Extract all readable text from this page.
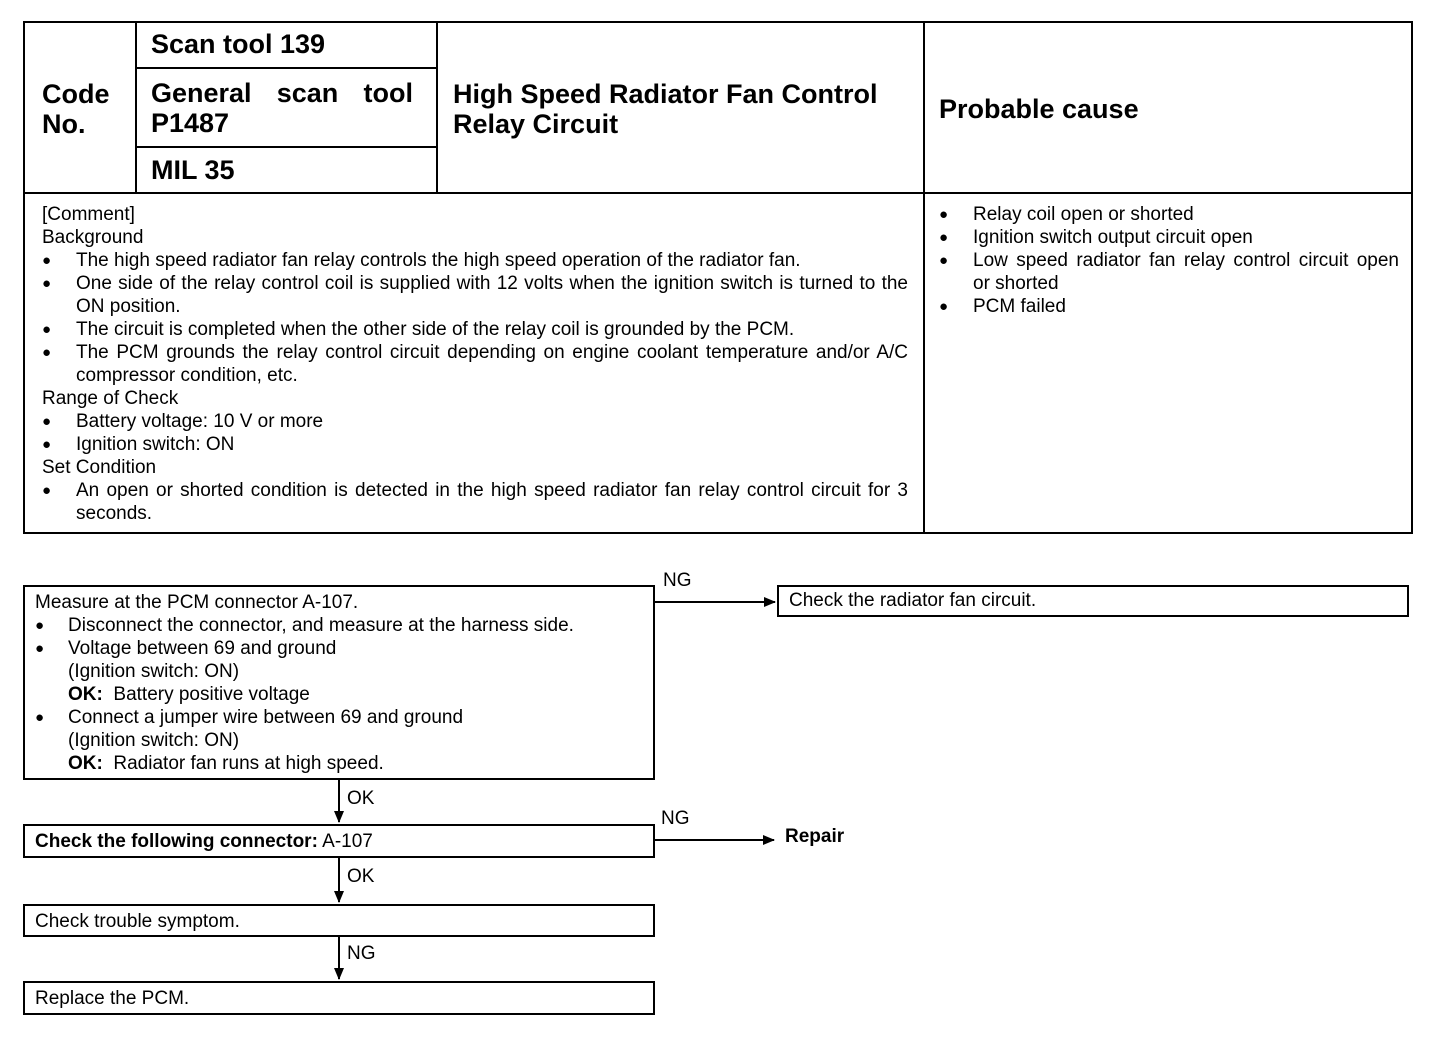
Code No.
Scan tool 139
General scan tool
P1487
MIL 35
High Speed Radiator Fan Control Relay Circuit	Probable cause
[Comment]
Background
● The high speed radiator fan relay controls the high speed operation of the radiator fan.
● One side of the relay control coil is supplied with 12 volts when the ignition switch is turned to the ON position.
● The circuit is completed when the other side of the relay coil is grounded by the PCM.
● The PCM grounds the relay control circuit depending on engine coolant temperature and/or A/C compressor condition, etc.
Range of Check
● Battery voltage: 10 V or more
● Ignition switch: ON
Set Condition
● An open or shorted condition is detected in the high speed radiator fan relay control circuit for 3 seconds.
● Relay coil open or shorted
● Ignition switch output circuit open
● Low speed radiator fan relay control circuit open or shorted
● PCM failed
Measure at the PCM connector A-107.
● Disconnect the connector, and measure at the harness side.
● Voltage between 69 and ground
(Ignition switch: ON)
OK: Battery positive voltage
● Connect a jumper wire between 69 and ground
(Ignition switch: ON)
OK: Radiator fan runs at high speed.
NG
Check the radiator fan circuit.
OK
Check the following connector: A-107
NG
Repair
OK
Check trouble symptom.
NG
Replace the PCM.
